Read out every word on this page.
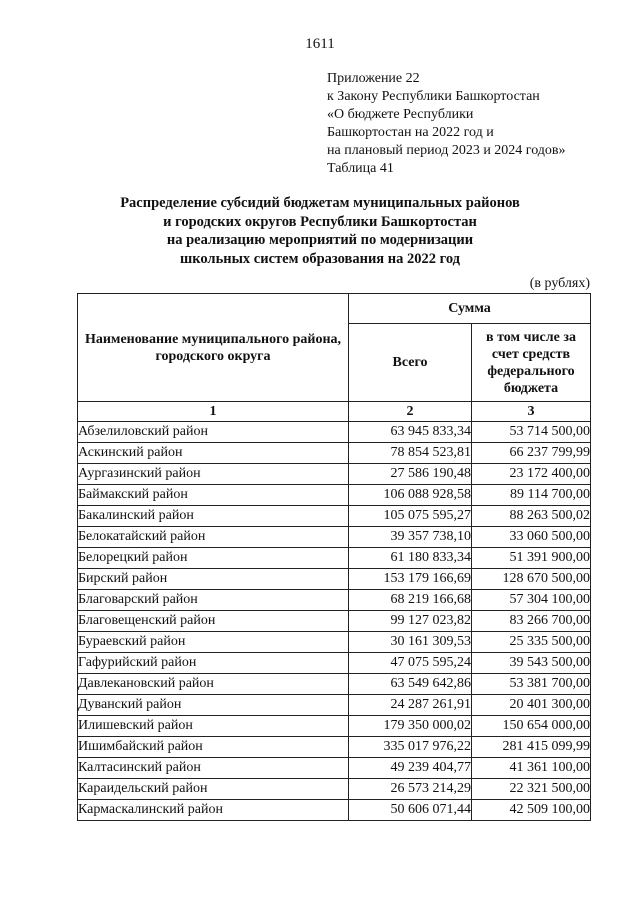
1611
Приложение 22
к Закону Республики Башкортостан
«О бюджете Республики
Башкортостан на 2022 год и
на плановый период 2023 и 2024 годов»
Таблица 41
Распределение субсидий бюджетам муниципальных районов
и городских округов Республики Башкортостан
на реализацию мероприятий по модернизации
школьных систем образования на 2022 год
(в рублях)
Наименование муниципального района, городского округа	Сумма	
	Всего	в том числе за счет средств федерального бюджета
1	2	3
Абзелиловский район	63 945 833,34	53 714 500,00
Аскинский район	78 854 523,81	66 237 799,99
Аургазинский район	27 586 190,48	23 172 400,00
Баймакский район	106 088 928,58	89 114 700,00
Бакалинский район	105 075 595,27	88 263 500,02
Белокатайский район	39 357 738,10	33 060 500,00
Белорецкий район	61 180 833,34	51 391 900,00
Бирский район	153 179 166,69	128 670 500,00
Благоварский район	68 219 166,68	57 304 100,00
Благовещенский район	99 127 023,82	83 266 700,00
Бураевский район	30 161 309,53	25 335 500,00
Гафурийский район	47 075 595,24	39 543 500,00
Давлекановский район	63 549 642,86	53 381 700,00
Дуванский район	24 287 261,91	20 401 300,00
Илишевский район	179 350 000,02	150 654 000,00
Ишимбайский район	335 017 976,22	281 415 099,99
Калтасинский район	49 239 404,77	41 361 100,00
Караидельский район	26 573 214,29	22 321 500,00
Кармаскалинский район	50 606 071,44	42 509 100,00
